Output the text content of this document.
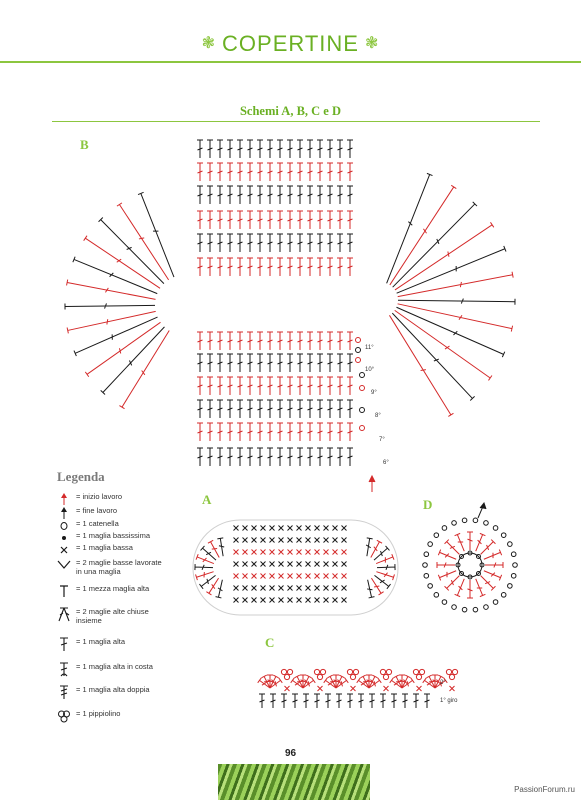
❃ COPERTINE ❃
Schemi A, B, C e D
B
A	D
C
11°
10°
9°
8°
7°
6°
2°
1° giro
Legenda
= inizio lavoro
= fine lavoro
= 1 catenella
= 1 maglia bassissima
= 1 maglia bassa
= 2 maglie basse lavorate in una maglia
= 1 mezza maglia alta
= 2 maglie alte chiuse insieme
= 1 maglia alta
= 1 maglia alta in costa
= 1 maglia alta doppia
= 1 pippiolino
96
PassionForum.ru
